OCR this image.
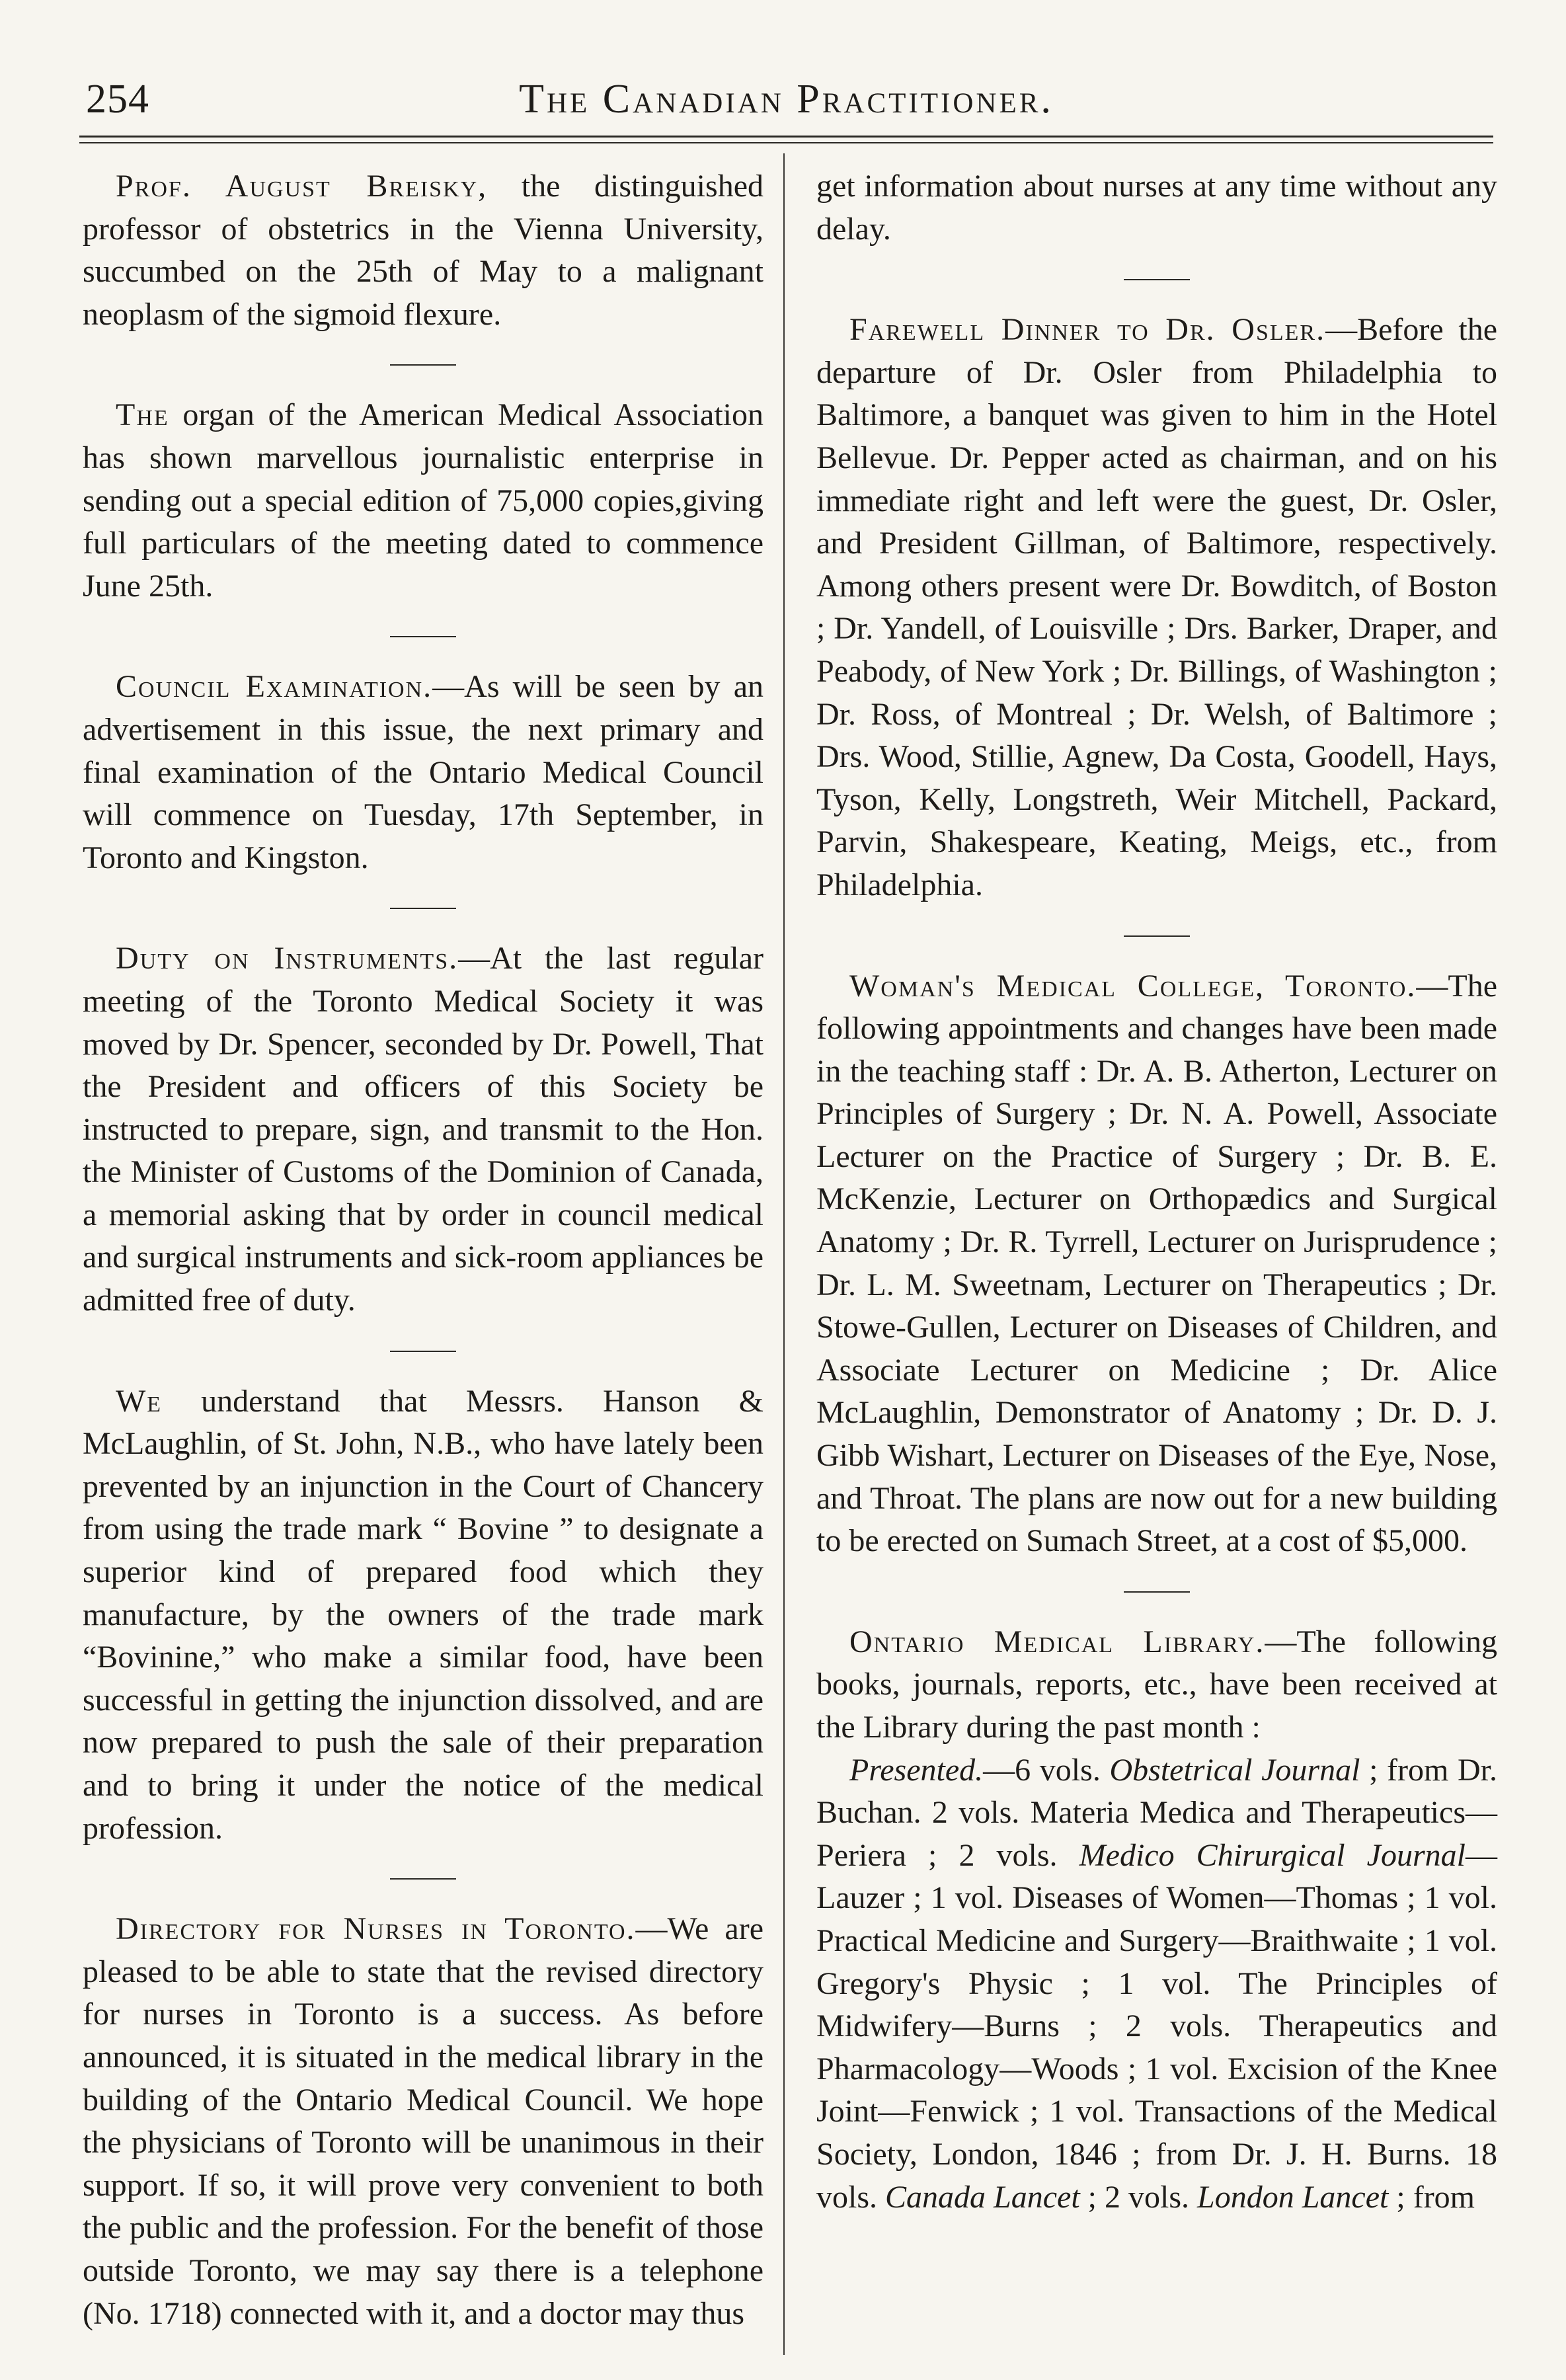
254	The Canadian Practitioner.

Prof. August Breisky, the distinguished professor of obstetrics in the Vienna University, succumbed on the 25th of May to a malignant neoplasm of the sigmoid flexure.

The organ of the American Medical Association has shown marvellous journalistic enterprise in sending out a special edition of 75,000 copies,giving full particulars of the meeting dated to commence June 25th.

Council Examination.—As will be seen by an advertisement in this issue, the next primary and final examination of the Ontario Medical Council will commence on Tuesday, 17th September, in Toronto and Kingston.

Duty on Instruments.—At the last regular meeting of the Toronto Medical Society it was moved by Dr. Spencer, seconded by Dr. Powell, That the President and officers of this Society be instructed to prepare, sign, and transmit to the Hon. the Minister of Customs of the Dominion of Canada, a memorial asking that by order in council medical and surgical instruments and sick-room appliances be admitted free of duty.

We understand that Messrs. Hanson & McLaughlin, of St. John, N.B., who have lately been prevented by an injunction in the Court of Chancery from using the trade mark “ Bovine ” to designate a superior kind of prepared food which they manufacture, by the owners of the trade mark “Bovinine,” who make a similar food, have been successful in getting the injunction dissolved, and are now prepared to push the sale of their preparation and to bring it under the notice of the medical profession.

Directory for Nurses in Toronto.—We are pleased to be able to state that the revised directory for nurses in Toronto is a success. As before announced, it is situated in the medical library in the building of the Ontario Medical Council. We hope the physicians of Toronto will be unanimous in their support. If so, it will prove very convenient to both the public and the profession. For the benefit of those outside Toronto, we may say there is a telephone (No. 1718) connected with it, and a doctor may thus

get information about nurses at any time without any delay.

Farewell Dinner to Dr. Osler.—Before the departure of Dr. Osler from Philadelphia to Baltimore, a banquet was given to him in the Hotel Bellevue. Dr. Pepper acted as chairman, and on his immediate right and left were the guest, Dr. Osler, and President Gillman, of Baltimore, respectively. Among others present were Dr. Bowditch, of Boston ; Dr. Yandell, of Louisville ; Drs. Barker, Draper, and Peabody, of New York ; Dr. Billings, of Washington ; Dr. Ross, of Montreal ; Dr. Welsh, of Baltimore ; Drs. Wood, Stillie, Agnew, Da Costa, Goodell, Hays, Tyson, Kelly, Longstreth, Weir Mitchell, Packard, Parvin, Shakespeare, Keating, Meigs, etc., from Philadelphia.

Woman's Medical College, Toronto.—The following appointments and changes have been made in the teaching staff : Dr. A. B. Atherton, Lecturer on Principles of Surgery ; Dr. N. A. Powell, Associate Lecturer on the Practice of Surgery ; Dr. B. E. McKenzie, Lecturer on Orthopædics and Surgical Anatomy ; Dr. R. Tyrrell, Lecturer on Jurisprudence ; Dr. L. M. Sweetnam, Lecturer on Therapeutics ; Dr. Stowe-Gullen, Lecturer on Diseases of Children, and Associate Lecturer on Medicine ; Dr. Alice McLaughlin, Demonstrator of Anatomy ; Dr. D. J. Gibb Wishart, Lecturer on Diseases of the Eye, Nose, and Throat. The plans are now out for a new building to be erected on Sumach Street, at a cost of $5,000.

Ontario Medical Library.—The following books, journals, reports, etc., have been received at the Library during the past month :

Presented.—6 vols. Obstetrical Journal ; from Dr. Buchan. 2 vols. Materia Medica and Therapeutics— Periera ; 2 vols. Medico Chirurgical Journal—Lauzer ; 1 vol. Diseases of Women—Thomas ; 1 vol. Practical Medicine and Surgery—Braithwaite ; 1 vol. Gregory's Physic ; 1 vol. The Principles of Midwifery—Burns ; 2 vols. Therapeutics and Pharmacology—Woods ; 1 vol. Excision of the Knee Joint—Fenwick ; 1 vol. Transactions of the Medical Society, London, 1846 ; from Dr. J. H. Burns. 18 vols. Canada Lancet ; 2 vols. London Lancet ; from
